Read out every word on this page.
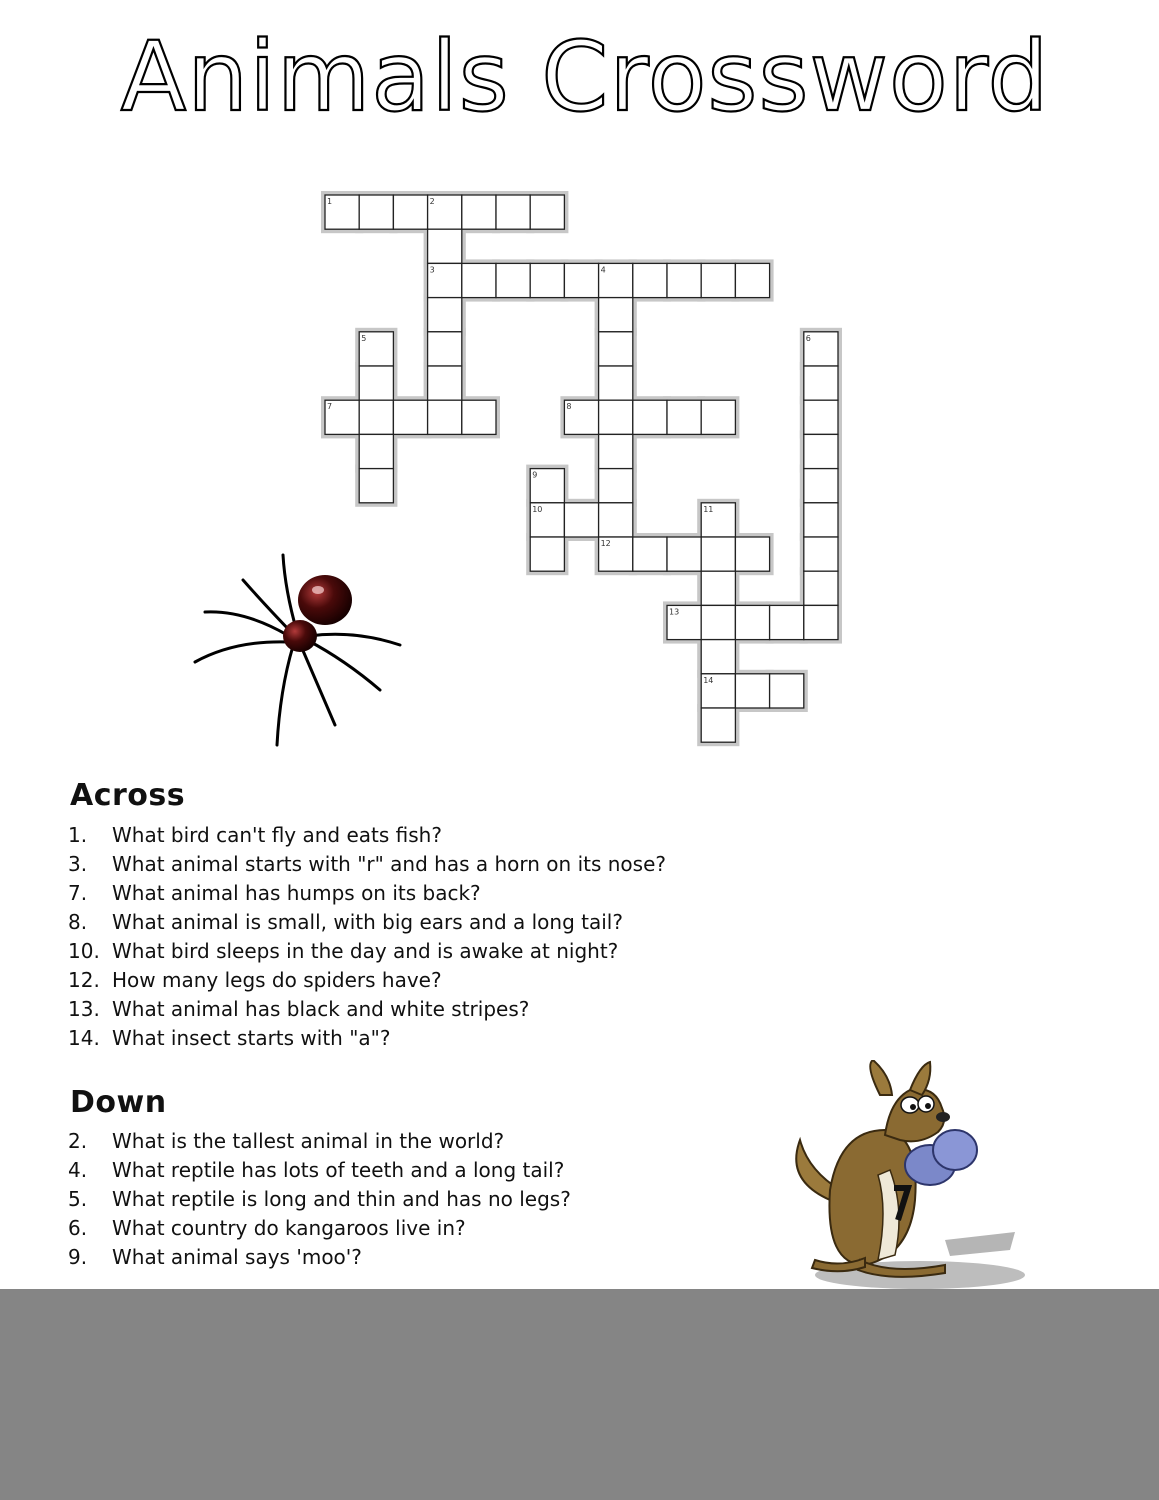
Animals Crossword
1	2
3	4
5	6
7	8
9
10	11
12
13
14
Across
1. What bird can't fly and eats fish?
3. What animal starts with "r" and has a horn on its nose?
7. What animal has humps on its back?
8. What animal is small, with big ears and a long tail?
10. What bird sleeps in the day and is awake at night?
12. How many legs do spiders have?
13. What animal has black and white stripes?
14. What insect starts with "a"?
Down
2. What is the tallest animal in the world?
4. What reptile has lots of teeth and a long tail?
5. What reptile is long and thin and has no legs?
6. What country do kangaroos live in?
9. What animal says 'moo'?
